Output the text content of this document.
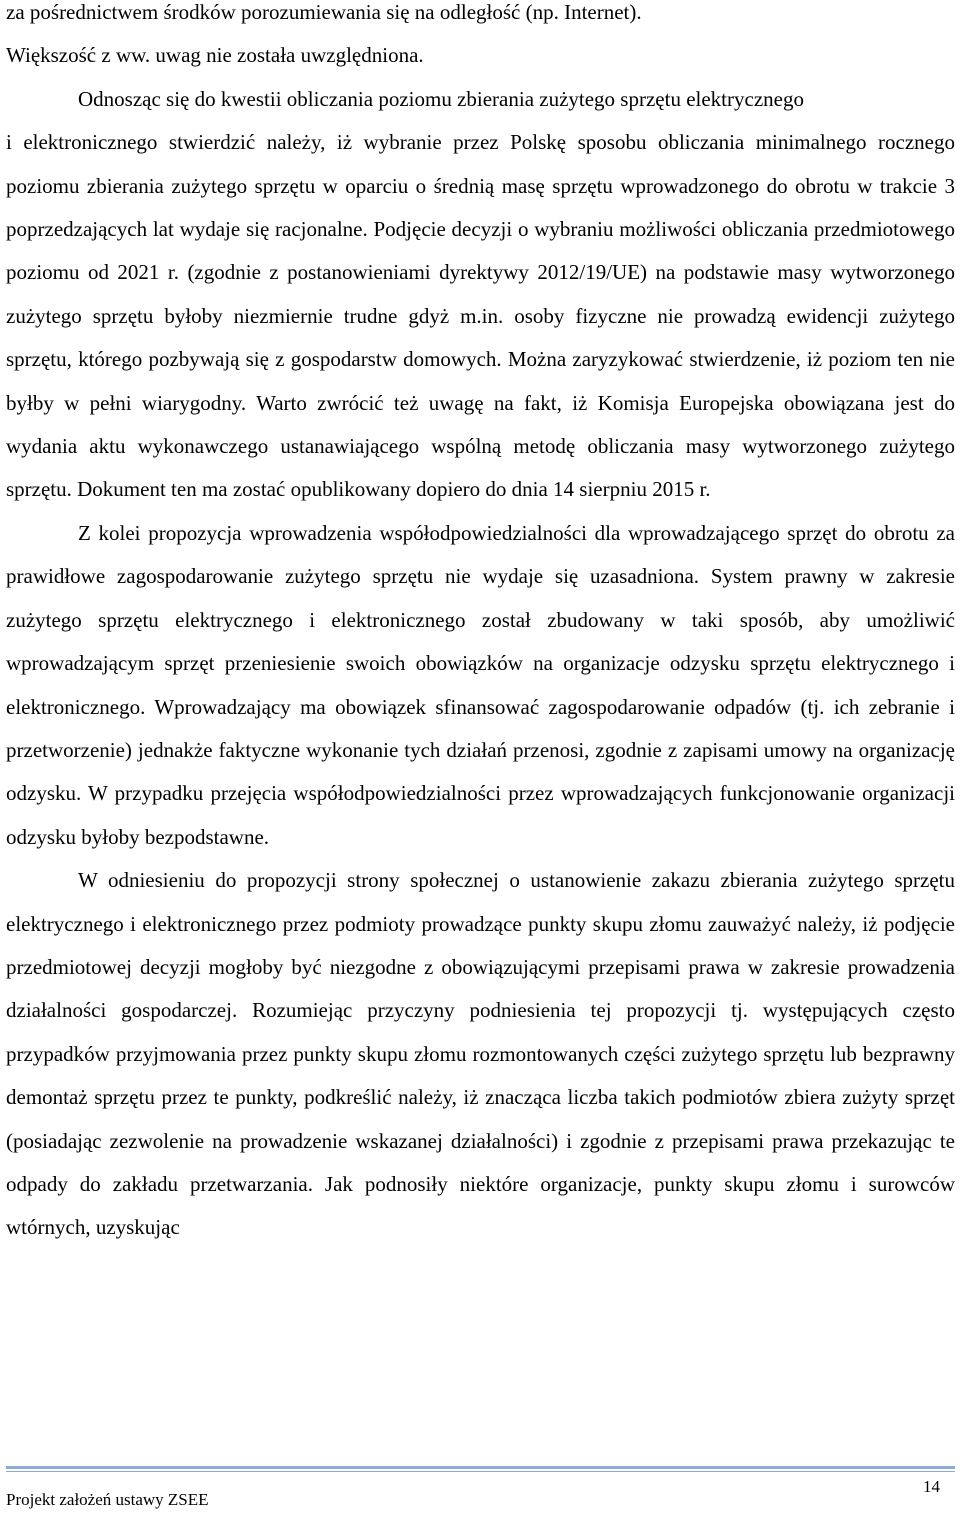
za pośrednictwem środków porozumiewania się na odległość (np. Internet).

Większość z ww. uwag nie została uwzględniona.

Odnosząc się do kwestii obliczania poziomu zbierania zużytego sprzętu elektrycznego

i elektronicznego stwierdzić należy, iż wybranie przez Polskę sposobu obliczania minimalnego rocznego poziomu zbierania zużytego sprzętu w oparciu o średnią masę sprzętu wprowadzonego do obrotu w trakcie 3 poprzedzających lat wydaje się racjonalne. Podjęcie decyzji o wybraniu możliwości obliczania przedmiotowego poziomu od 2021 r. (zgodnie z postanowieniami dyrektywy 2012/19/UE) na podstawie masy wytworzonego zużytego sprzętu byłoby niezmiernie trudne gdyż m.in. osoby fizyczne nie prowadzą ewidencji zużytego sprzętu, którego pozbywają się z gospodarstw domowych. Można zaryzykować stwierdzenie, iż poziom ten nie byłby w pełni wiarygodny. Warto zwrócić też uwagę na fakt, iż Komisja Europejska obowiązana jest do wydania aktu wykonawczego ustanawiającego wspólną metodę obliczania masy wytworzonego zużytego sprzętu. Dokument ten ma zostać opublikowany dopiero do dnia 14 sierpniu 2015 r.

Z kolei propozycja wprowadzenia współodpowiedzialności dla wprowadzającego sprzęt do obrotu za prawidłowe zagospodarowanie zużytego sprzętu nie wydaje się uzasadniona. System prawny w zakresie zużytego sprzętu elektrycznego i elektronicznego został zbudowany w taki sposób, aby umożliwić wprowadzającym sprzęt przeniesienie swoich obowiązków na organizacje odzysku sprzętu elektrycznego i elektronicznego. Wprowadzający ma obowiązek sfinansować zagospodarowanie odpadów (tj. ich zebranie i przetworzenie) jednakże faktyczne wykonanie tych działań przenosi, zgodnie z zapisami umowy na organizację odzysku. W przypadku przejęcia współodpowiedzialności przez wprowadzających funkcjonowanie organizacji odzysku byłoby bezpodstawne.

W odniesieniu do propozycji strony społecznej o ustanowienie zakazu zbierania zużytego sprzętu elektrycznego i elektronicznego przez podmioty prowadzące punkty skupu złomu zauważyć należy, iż podjęcie przedmiotowej decyzji mogłoby być niezgodne z obowiązującymi przepisami prawa w zakresie prowadzenia działalności gospodarczej. Rozumiejąc przyczyny podniesienia tej propozycji tj. występujących często przypadków przyjmowania przez punkty skupu złomu rozmontowanych części zużytego sprzętu lub bezprawny demontaż sprzętu przez te punkty, podkreślić należy, iż znacząca liczba takich podmiotów zbiera zużyty sprzęt (posiadając zezwolenie na prowadzenie wskazanej działalności) i zgodnie z przepisami prawa przekazując te odpady do zakładu przetwarzania. Jak podnosiły niektóre organizacje, punkty skupu złomu i surowców wtórnych, uzyskując

14
Projekt założeń ustawy ZSEE
